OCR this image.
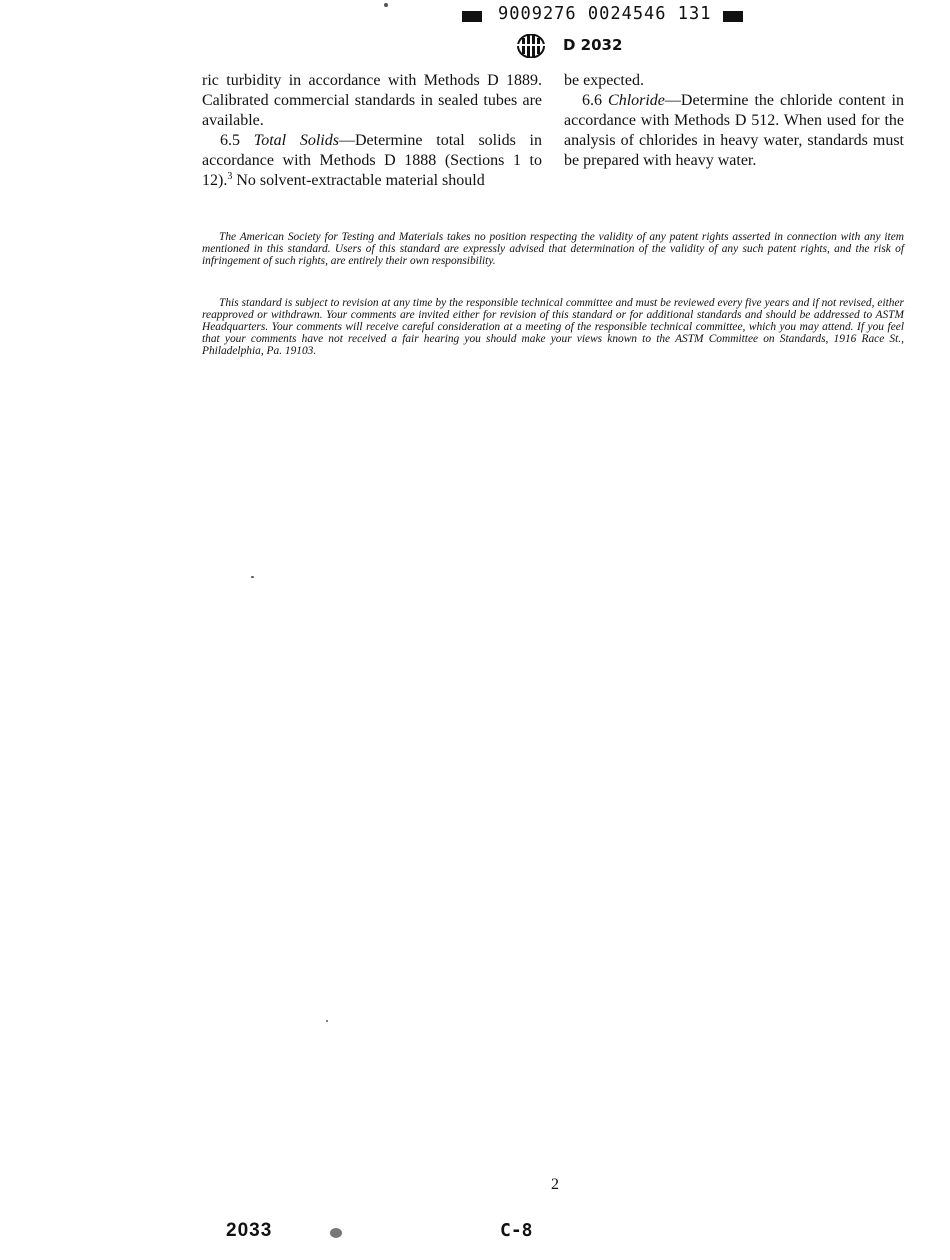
9009276 0024546 131
D 2032

ric turbidity in accordance with Methods D 1889. Calibrated commercial standards in sealed tubes are available.

6.5 Total Solids—Determine total solids in accordance with Methods D 1888 (Sections 1 to 12).$^3$ No solvent-extractable material should

be expected.

6.6 Chloride—Determine the chloride content in accordance with Methods D 512. When used for the analysis of chlorides in heavy water, standards must be prepared with heavy water.

The American Society for Testing and Materials takes no position respecting the validity of any patent rights asserted in connection with any item mentioned in this standard. Users of this standard are expressly advised that determination of the validity of any such patent rights, and the risk of infringement of such rights, are entirely their own responsibility.

This standard is subject to revision at any time by the responsible technical committee and must be reviewed every five years and if not revised, either reapproved or withdrawn. Your comments are invited either for revision of this standard or for additional standards and should be addressed to ASTM Headquarters. Your comments will receive careful consideration at a meeting of the responsible technical committee, which you may attend. If you feel that your comments have not received a fair hearing you should make your views known to the ASTM Committee on Standards, 1916 Race St., Philadelphia, Pa. 19103.

2
2033	C-8
